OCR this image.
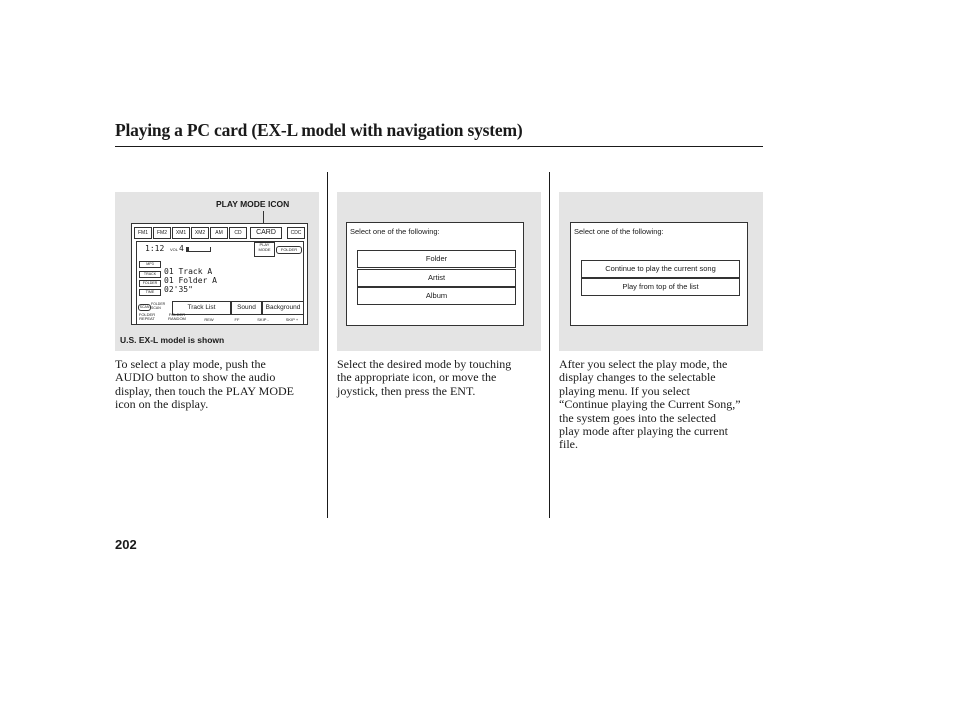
Playing a PC card (EX-L model with navigation system)
PLAY MODE ICON
FM1	FM2	XM1	XM2	AM	CD	CARD	CDC
1:12 VOL 4	PLAY
MODE	FOLDER
MP3
TRACK
FOLDER
TIME
01 Track A
01 Folder A
02'35"
SCAN
FOLDER
SCAN	Track List	Sound	Background
FOLDER
REPEAT
FOLDER
RANDOM	REW	FF	SKIP -	SKIP +
U.S. EX-L model is shown
Select one of the following:
Folder
Artist
Album
Select one of the following:
Continue to play the current song
Play from top of the list
To select a play mode, push the
AUDIO button to show the audio
display, then touch the PLAY MODE
icon on the display.
Select the desired mode by touching
the appropriate icon, or move the
joystick, then press the ENT.
After you select the play mode, the
display changes to the selectable
playing menu. If you select
“Continue playing the Current Song,”
the system goes into the selected
play mode after playing the current
file.
202
